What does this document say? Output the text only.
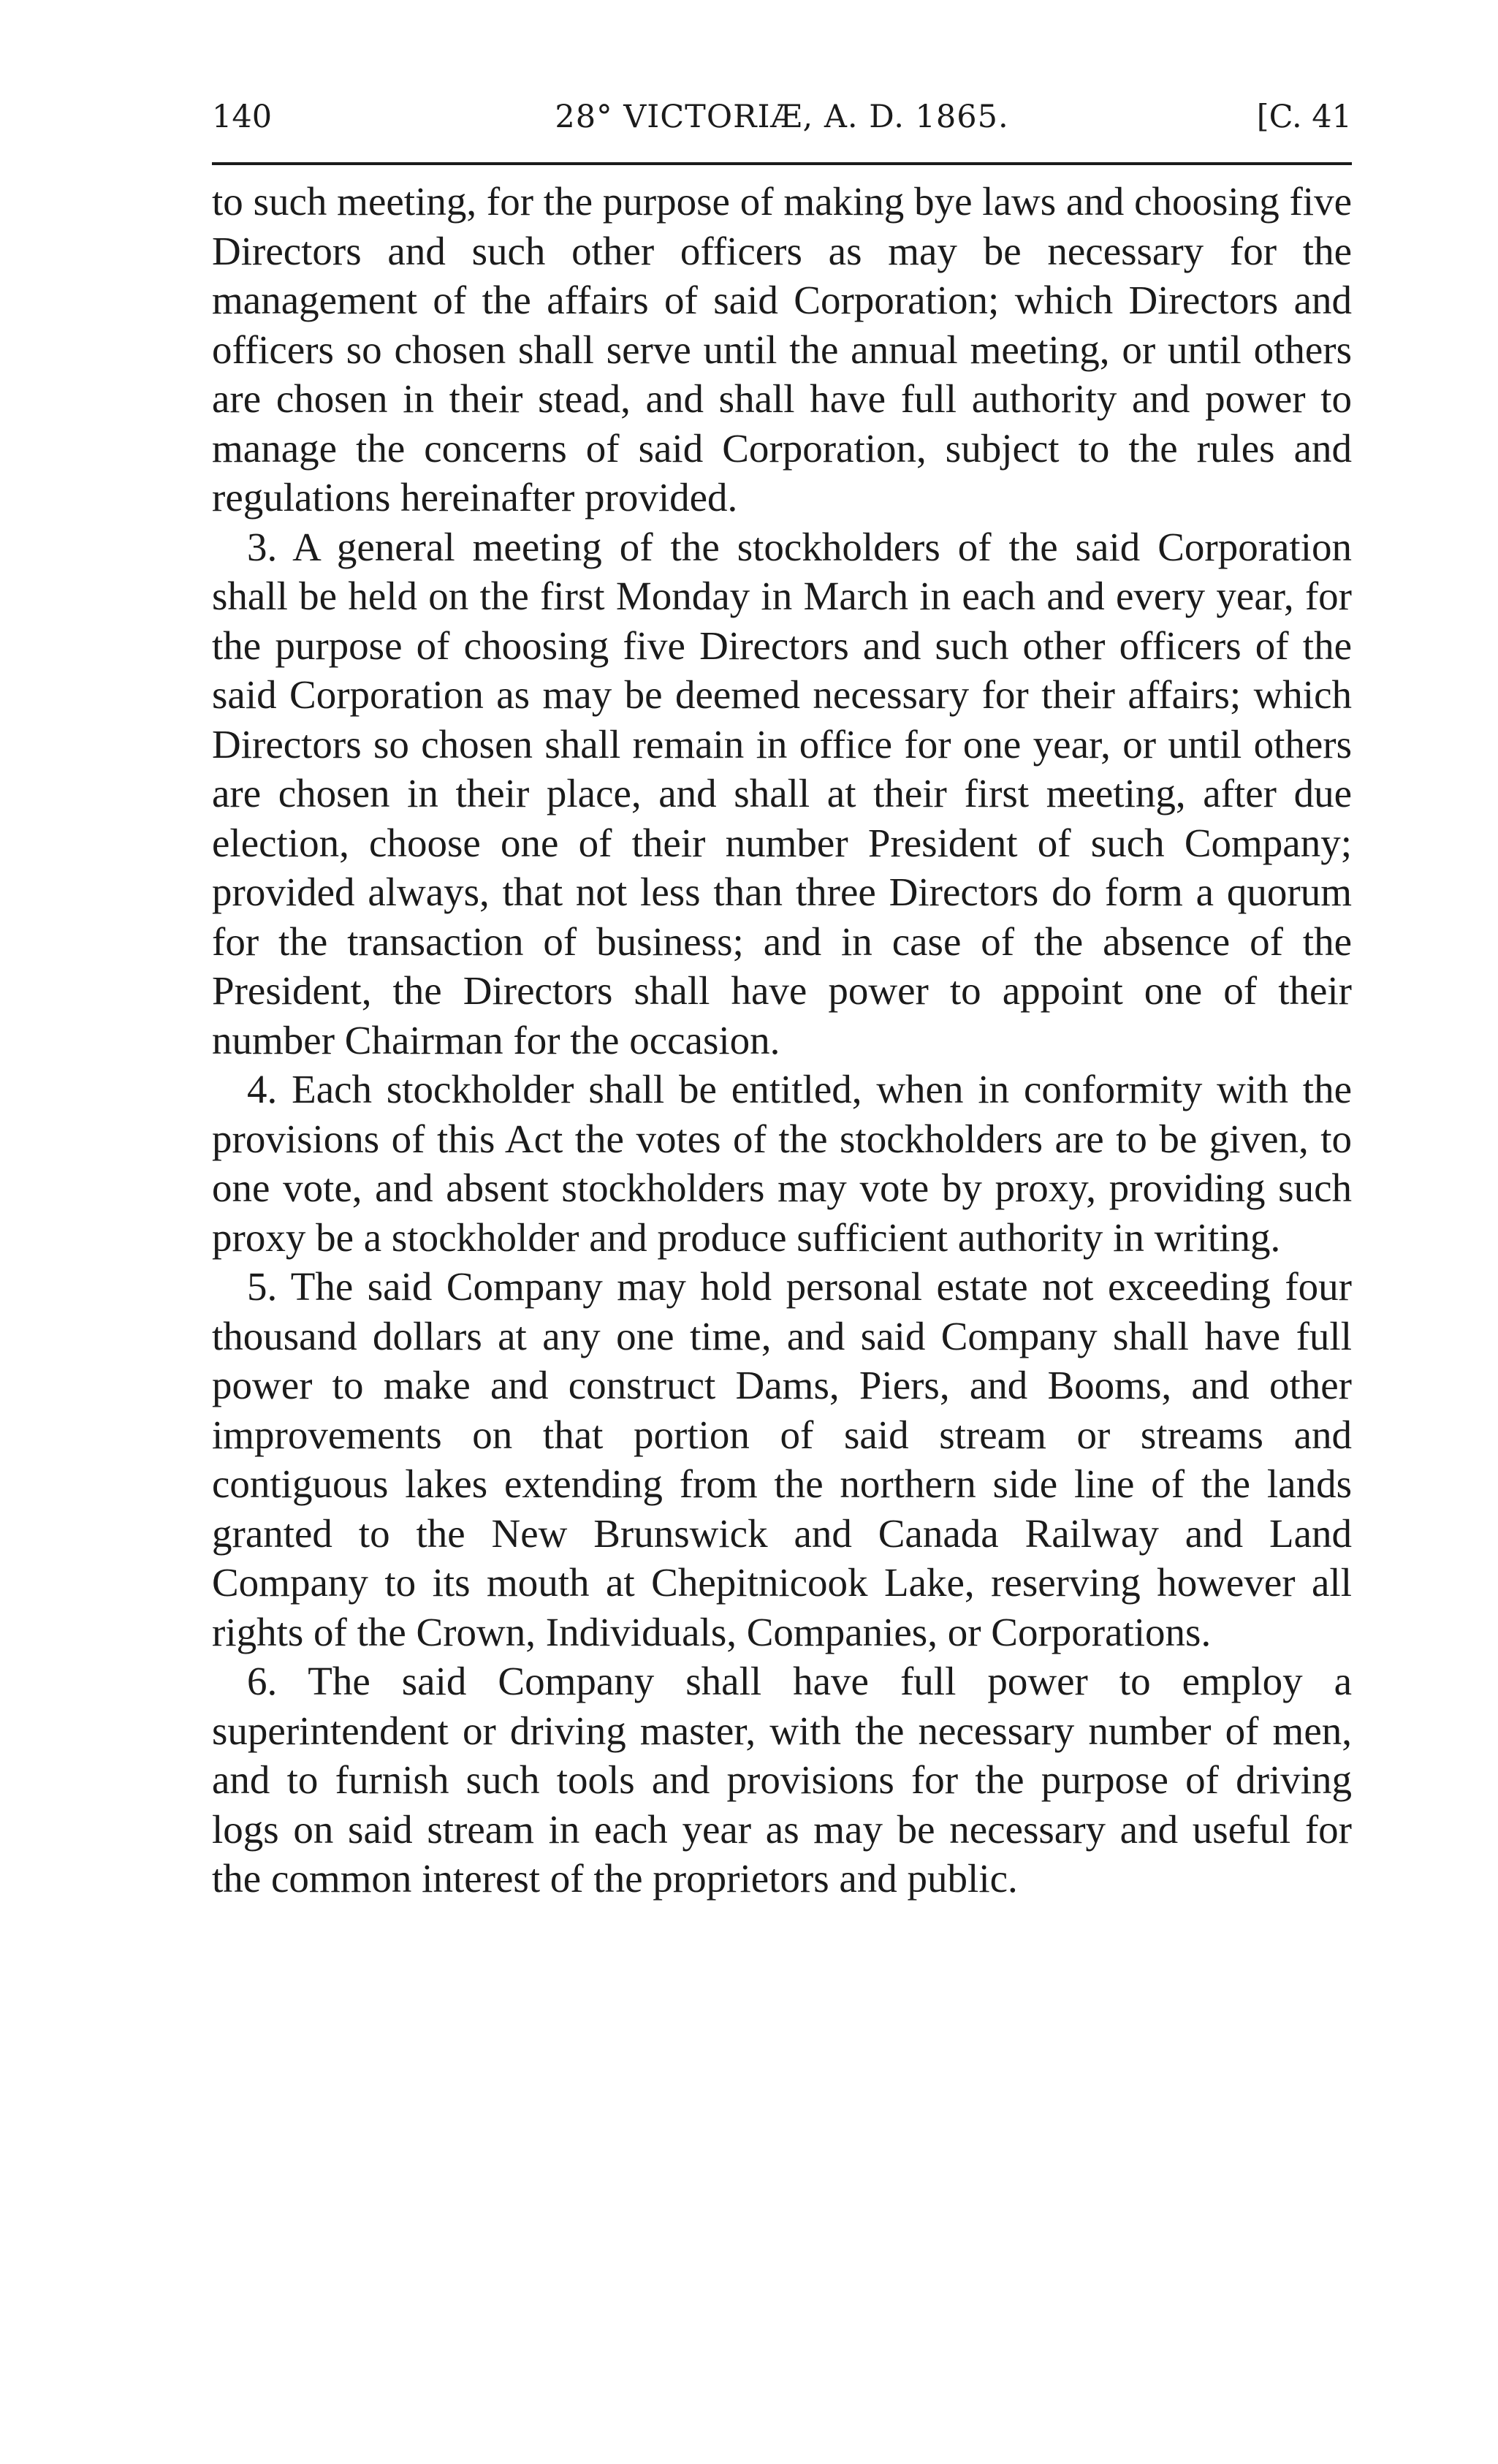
140	28° VICTORIÆ, A. D. 1865.	[C. 41

to such meeting, for the purpose of making bye laws and choosing five Directors and such other officers as may be necessary for the management of the affairs of said Corporation; which Directors and officers so chosen shall serve until the annual meeting, or until others are chosen in their stead, and shall have full authority and power to manage the concerns of said Corporation, subject to the rules and regulations hereinafter provided.

3. A general meeting of the stockholders of the said Corporation shall be held on the first Monday in March in each and every year, for the purpose of choosing five Directors and such other officers of the said Corporation as may be deemed necessary for their affairs; which Directors so chosen shall remain in office for one year, or until others are chosen in their place, and shall at their first meeting, after due election, choose one of their number President of such Company; provided always, that not less than three Directors do form a quorum for the transaction of business; and in case of the absence of the President, the Directors shall have power to appoint one of their number Chairman for the occasion.

4. Each stockholder shall be entitled, when in conformity with the provisions of this Act the votes of the stockholders are to be given, to one vote, and absent stockholders may vote by proxy, providing such proxy be a stockholder and produce sufficient authority in writing.

5. The said Company may hold personal estate not exceeding four thousand dollars at any one time, and said Company shall have full power to make and construct Dams, Piers, and Booms, and other improvements on that portion of said stream or streams and contiguous lakes extending from the northern side line of the lands granted to the New Brunswick and Canada Railway and Land Company to its mouth at Chepitnicook Lake, reserving however all rights of the Crown, Individuals, Companies, or Corporations.

6. The said Company shall have full power to employ a superintendent or driving master, with the necessary number of men, and to furnish such tools and provisions for the purpose of driving logs on said stream in each year as may be necessary and useful for the common interest of the proprietors and public.
